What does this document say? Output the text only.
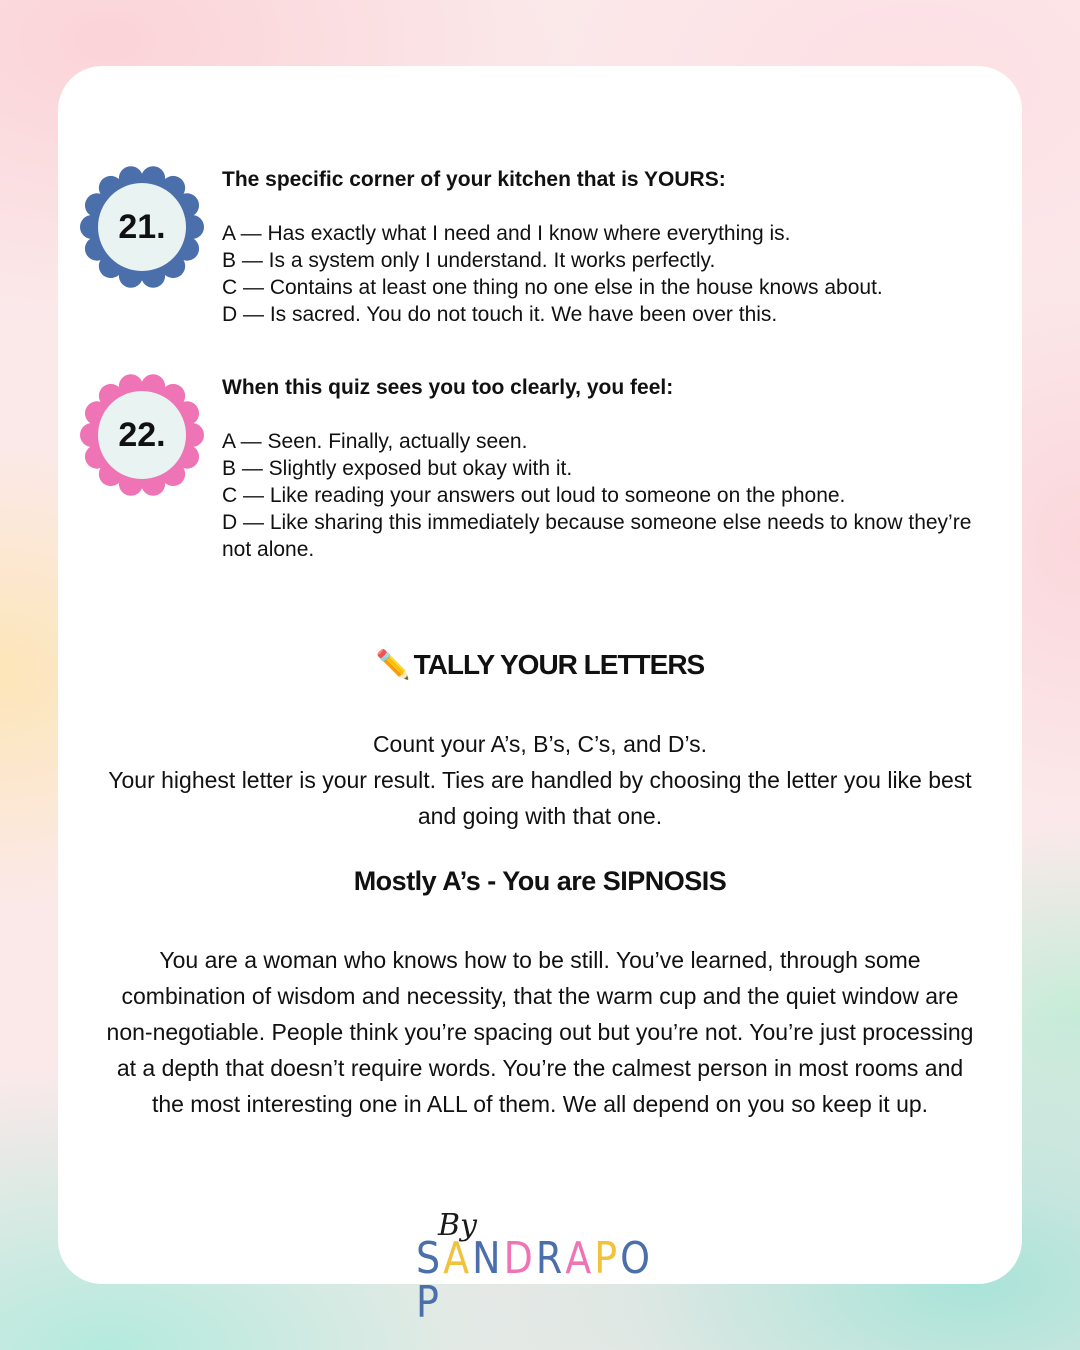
21.
The specific corner of your kitchen that is YOURS:

A — Has exactly what I need and I know where everything is.

B — Is a system only I understand. It works perfectly.

C — Contains at least one thing no one else in the house knows about.

D — Is sacred. You do not touch it. We have been over this.

22.
When this quiz sees you too clearly, you feel:

A — Seen. Finally, actually seen.

B — Slightly exposed but okay with it.

C — Like reading your answers out loud to someone on the phone.

D — Like sharing this immediately because someone else needs to know they’re not alone.

✏️ TALLY YOUR LETTERS
Count your A’s, B’s, C’s, and D’s.
Your highest letter is your result. Ties are handled by choosing the letter you like best and going with that one.
Mostly A’s - You are SIPNOSIS
You are a woman who knows how to be still. You’ve learned, through some combination of wisdom and necessity, that the warm cup and the quiet window are non-negotiable. People think you’re spacing out but you’re not. You’re just processing at a depth that doesn’t require words. You’re the calmest person in most rooms and the most interesting one in ALL of them. We all depend on you so keep it up.
By
SANDRAPOP
